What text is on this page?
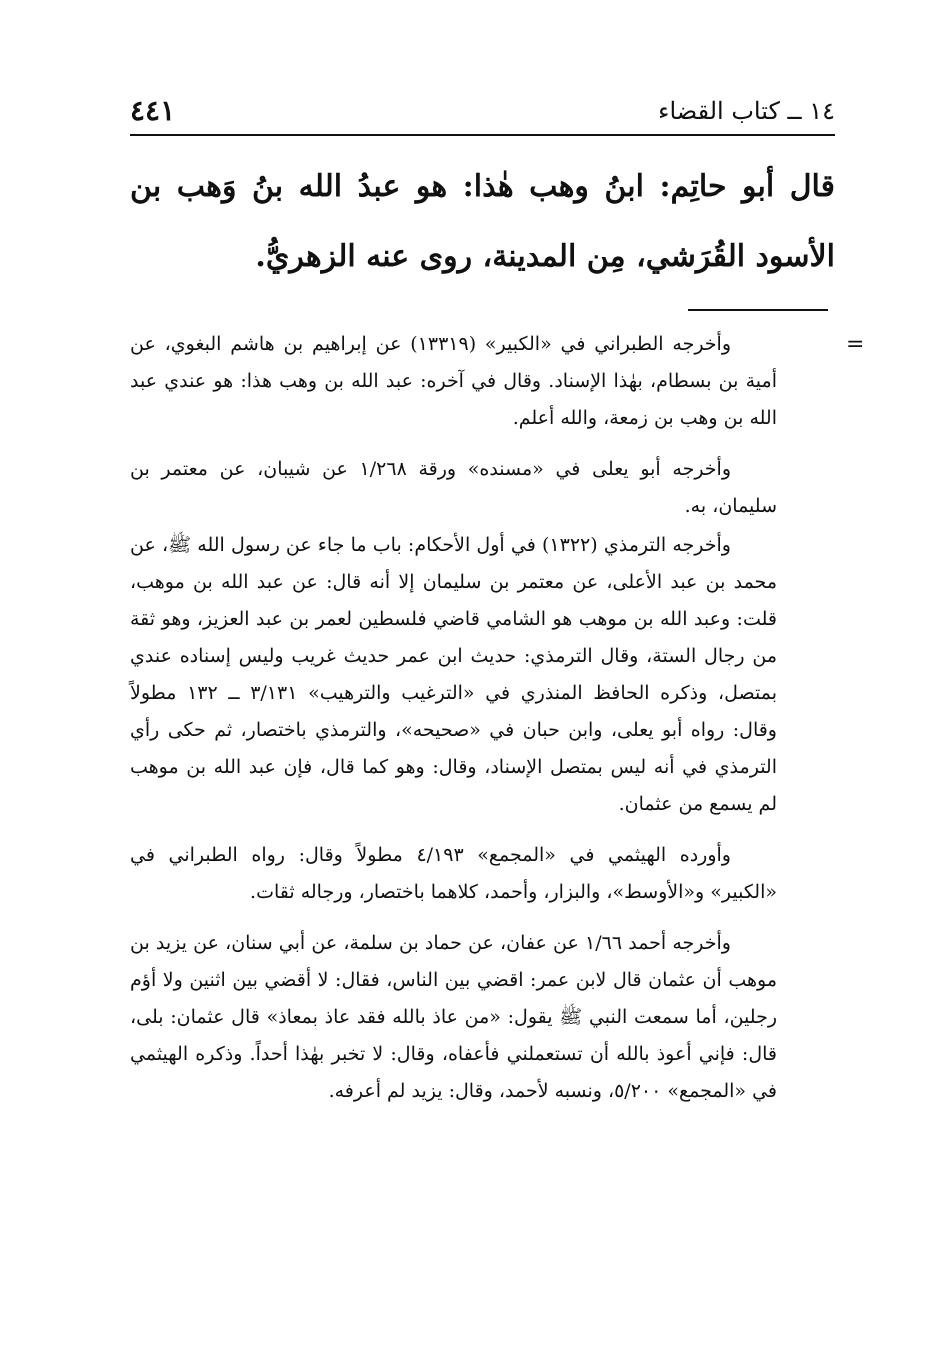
١٤ ــ كتاب القضاء
٤٤١

قال أبو حاتِم: ابنُ وهب هٰذا: هو عبدُ الله بنُ وَهب بن الأسود القُرَشي، مِن المدينة، روى عنه الزهريُّ.

=

وأخرجه الطبراني في «الكبير» (١٣٣١٩) عن إبراهيم بن هاشم البغوي، عن أمية بن بسطام، بهٰذا الإسناد. وقال في آخره: عبد الله بن وهب هذا: هو عندي عبد الله بن وهب بن زمعة، والله أعلم.

وأخرجه أبو يعلى في «مسنده» ورقة ١/٢٦٨ عن شيبان، عن معتمر بن سليمان، به.

وأخرجه الترمذي (١٣٢٢) في أول الأحكام: باب ما جاء عن رسول الله ﷺ، عن محمد بن عبد الأعلى، عن معتمر بن سليمان إلا أنه قال: عن عبد الله بن موهب، قلت: وعبد الله بن موهب هو الشامي قاضي فلسطين لعمر بن عبد العزيز، وهو ثقة من رجال الستة، وقال الترمذي: حديث ابن عمر حديث غريب وليس إسناده عندي بمتصل، وذكره الحافظ المنذري في «الترغيب والترهيب» ٣/١٣١ ــ ١٣٢ مطولاً وقال: رواه أبو يعلى، وابن حبان في «صحيحه»، والترمذي باختصار، ثم حكى رأي الترمذي في أنه ليس بمتصل الإسناد، وقال: وهو كما قال، فإن عبد الله بن موهب لم يسمع من عثمان.

وأورده الهيثمي في «المجمع» ٤/١٩٣ مطولاً وقال: رواه الطبراني في «الكبير» و«الأوسط»، والبزار، وأحمد، كلاهما باختصار، ورجاله ثقات.

وأخرجه أحمد ١/٦٦ عن عفان، عن حماد بن سلمة، عن أبي سنان، عن يزيد بن موهب أن عثمان قال لابن عمر: اقضي بين الناس، فقال: لا أقضي بين اثنين ولا أؤم رجلين، أما سمعت النبي ﷺ يقول: «من عاذ بالله فقد عاذ بمعاذ» قال عثمان: بلى، قال: فإني أعوذ بالله أن تستعملني فأعفاه، وقال: لا تخبر بهٰذا أحداً. وذكره الهيثمي في «المجمع» ٥/٢٠٠، ونسبه لأحمد، وقال: يزيد لم أعرفه.
